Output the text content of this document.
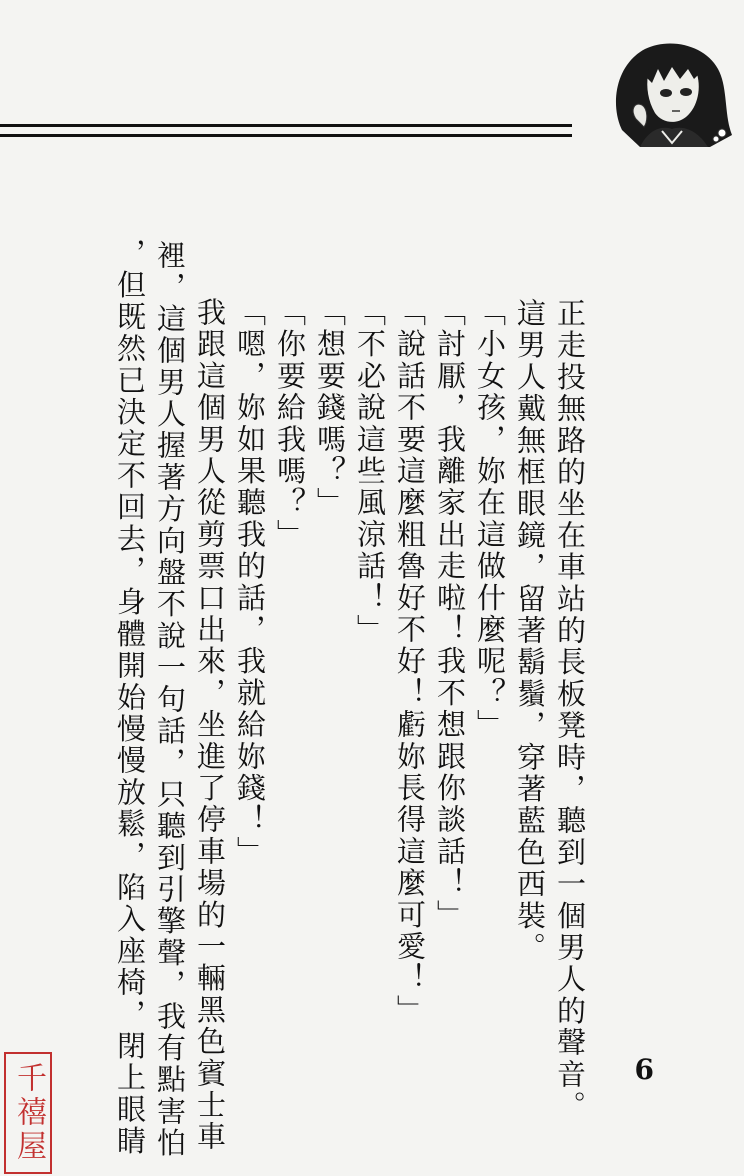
正走投無路的坐在車站的長板凳時，聽到一個男人的聲音。
這男人戴無框眼鏡，留著鬍鬚，穿著藍色西裝。
「小女孩，妳在這做什麼呢？」
「討厭，我離家出走啦！我不想跟你談話！」
「說話不要這麼粗魯好不好！虧妳長得這麼可愛！」
「不必說這些風涼話！」
「想要錢嗎？」
「你要給我嗎？」
「嗯，妳如果聽我的話，我就給妳錢！」
我跟這個男人從剪票口出來，坐進了停車場的一輛黑色賓士車
裡，這個男人握著方向盤不說一句話，只聽到引擎聲，我有點害怕
，但既然已決定不回去，身體開始慢慢放鬆，陷入座椅，閉上眼睛	6
千禧屋
